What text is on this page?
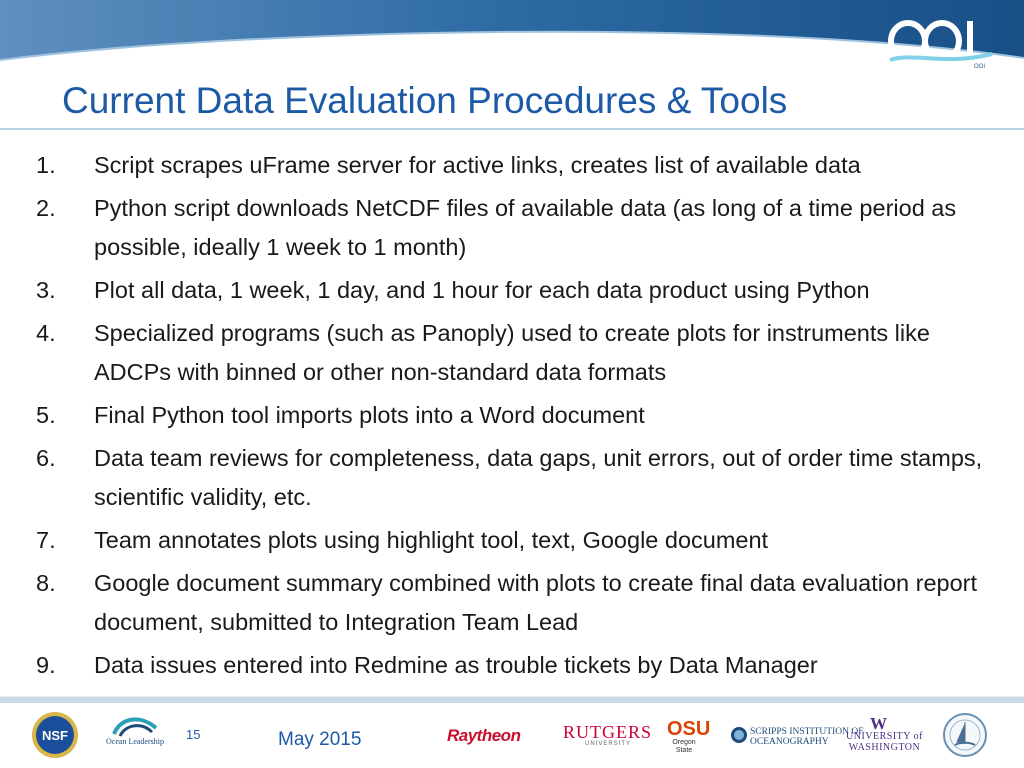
OOI
Current Data Evaluation Procedures & Tools
1. Script scrapes uFrame server for active links, creates list of available data
2. Python script downloads NetCDF files of available data (as long of a time period as possible, ideally 1 week to 1 month)
3. Plot all data, 1 week, 1 day, and 1 hour for each data product using Python
4. Specialized programs (such as Panoply) used to create plots for instruments like ADCPs with binned or other non-standard data formats
5. Final Python tool imports plots into a Word document
6. Data team reviews for completeness, data gaps, unit errors, out of order time stamps, scientific validity, etc.
7. Team annotates plots using highlight tool, text, Google document
8. Google document summary combined with plots to create final data evaluation report document, submitted to Integration Team Lead
9. Data issues entered into Redmine as trouble tickets by Data Manager
NSF	Ocean Leadership 15	May 2015	Raytheon RUTGERS
UNIVERSITY
OSU
Oregon State
SCRIPPS INSTITUTION OF
OCEANOGRAPHY
W
UNIVERSITY of
WASHINGTON
